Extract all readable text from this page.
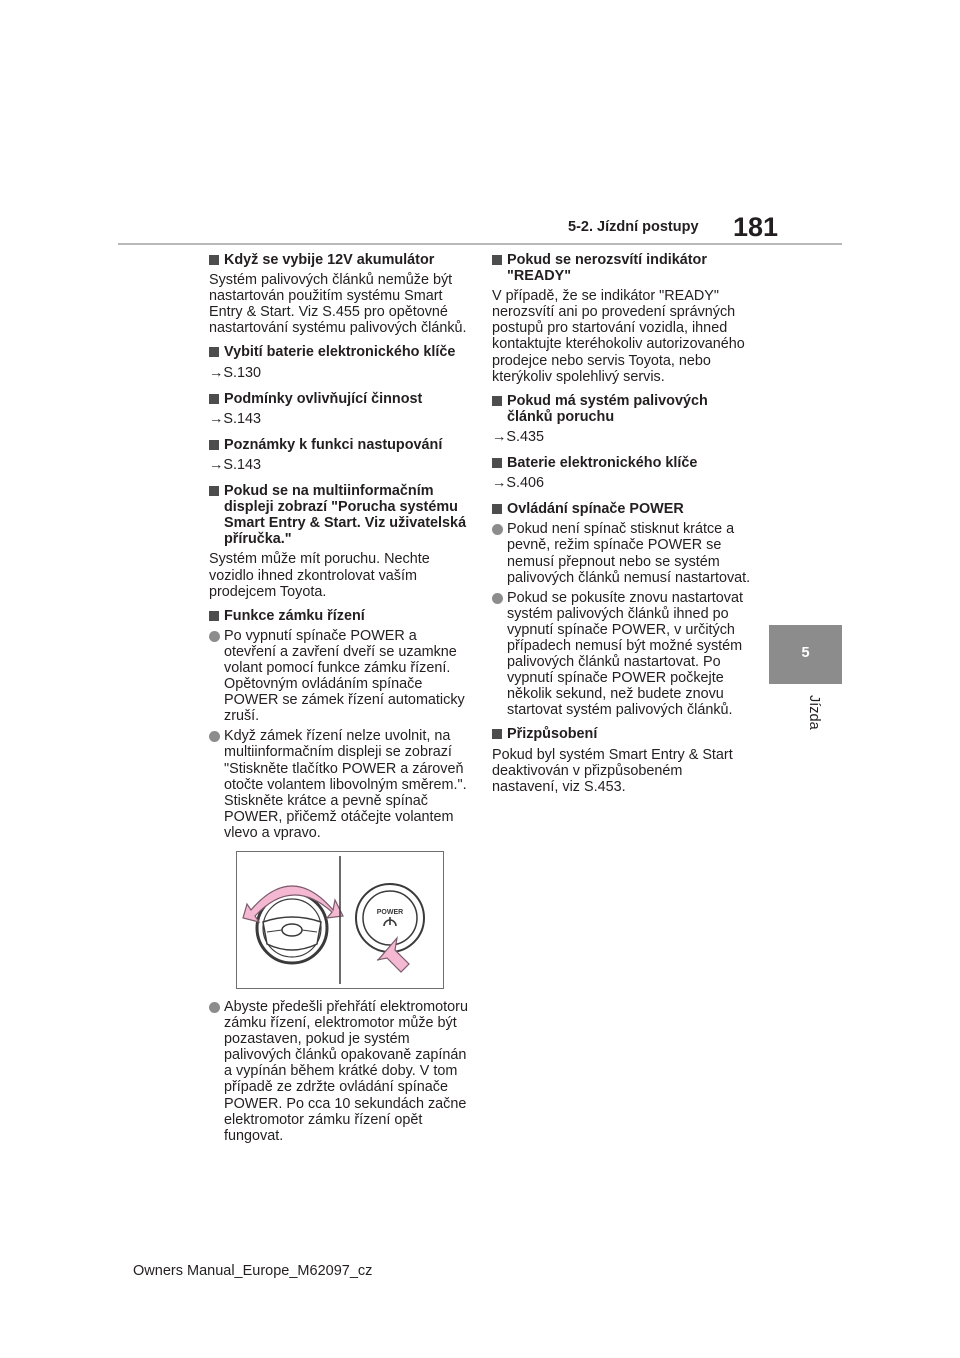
5-2. Jízdní postupy 181
5
Jízda
Když se vybije 12V akumulátor
Systém palivových článků nemůže být nastartován použitím systému Smart Entry & Start. Viz S.455 pro opětovné nastartování systému palivových článků.
Vybití baterie elektronického klíče
→S.130
Podmínky ovlivňující činnost
→S.143
Poznámky k funkci nastupování
→S.143
Pokud se na multiinformačním displeji zobrazí "Porucha systému Smart Entry & Start. Viz uživatelská příručka."
Systém může mít poruchu. Nechte vozidlo ihned zkontrolovat vaším prodejcem Toyota.
Funkce zámku řízení
Po vypnutí spínače POWER a otevření a zavření dveří se uzamkne volant pomocí funkce zámku řízení. Opětovným ovládáním spínače POWER se zámek řízení automaticky zruší.
Když zámek řízení nelze uvolnit, na multiinformačním displeji se zobrazí "Stiskněte tlačítko POWER a zároveň otočte volantem libovolným směrem.". Stiskněte krátce a pevně spínač POWER, přičemž otáčejte volantem vlevo a vpravo.
POWER
Abyste předešli přehřátí elektromotoru zámku řízení, elektromotor může být pozastaven, pokud je systém palivových článků opakovaně zapínán a vypínán během krátké doby. V tom případě ze zdržte ovládání spínače POWER. Po cca 10 sekundách začne elektromotor zámku řízení opět fungovat.
Pokud se nerozsvítí indikátor "READY"
V případě, že se indikátor "READY" nerozsvítí ani po provedení správných postupů pro startování vozidla, ihned kontaktujte kteréhokoliv autorizovaného prodejce nebo servis Toyota, nebo kterýkoliv spolehlivý servis.
Pokud má systém palivových článků poruchu
→S.435
Baterie elektronického klíče
→S.406
Ovládání spínače POWER
Pokud není spínač stisknut krátce a pevně, režim spínače POWER se nemusí přepnout nebo se systém palivových článků nemusí nastartovat.
Pokud se pokusíte znovu nastartovat systém palivových článků ihned po vypnutí spínače POWER, v určitých případech nemusí být možné systém palivových článků nastartovat. Po vypnutí spínače POWER počkejte několik sekund, než budete znovu startovat systém palivových článků.
Přizpůsobení
Pokud byl systém Smart Entry & Start deaktivován v přizpůsobeném nastavení, viz S.453.
Owners Manual_Europe_M62097_cz
